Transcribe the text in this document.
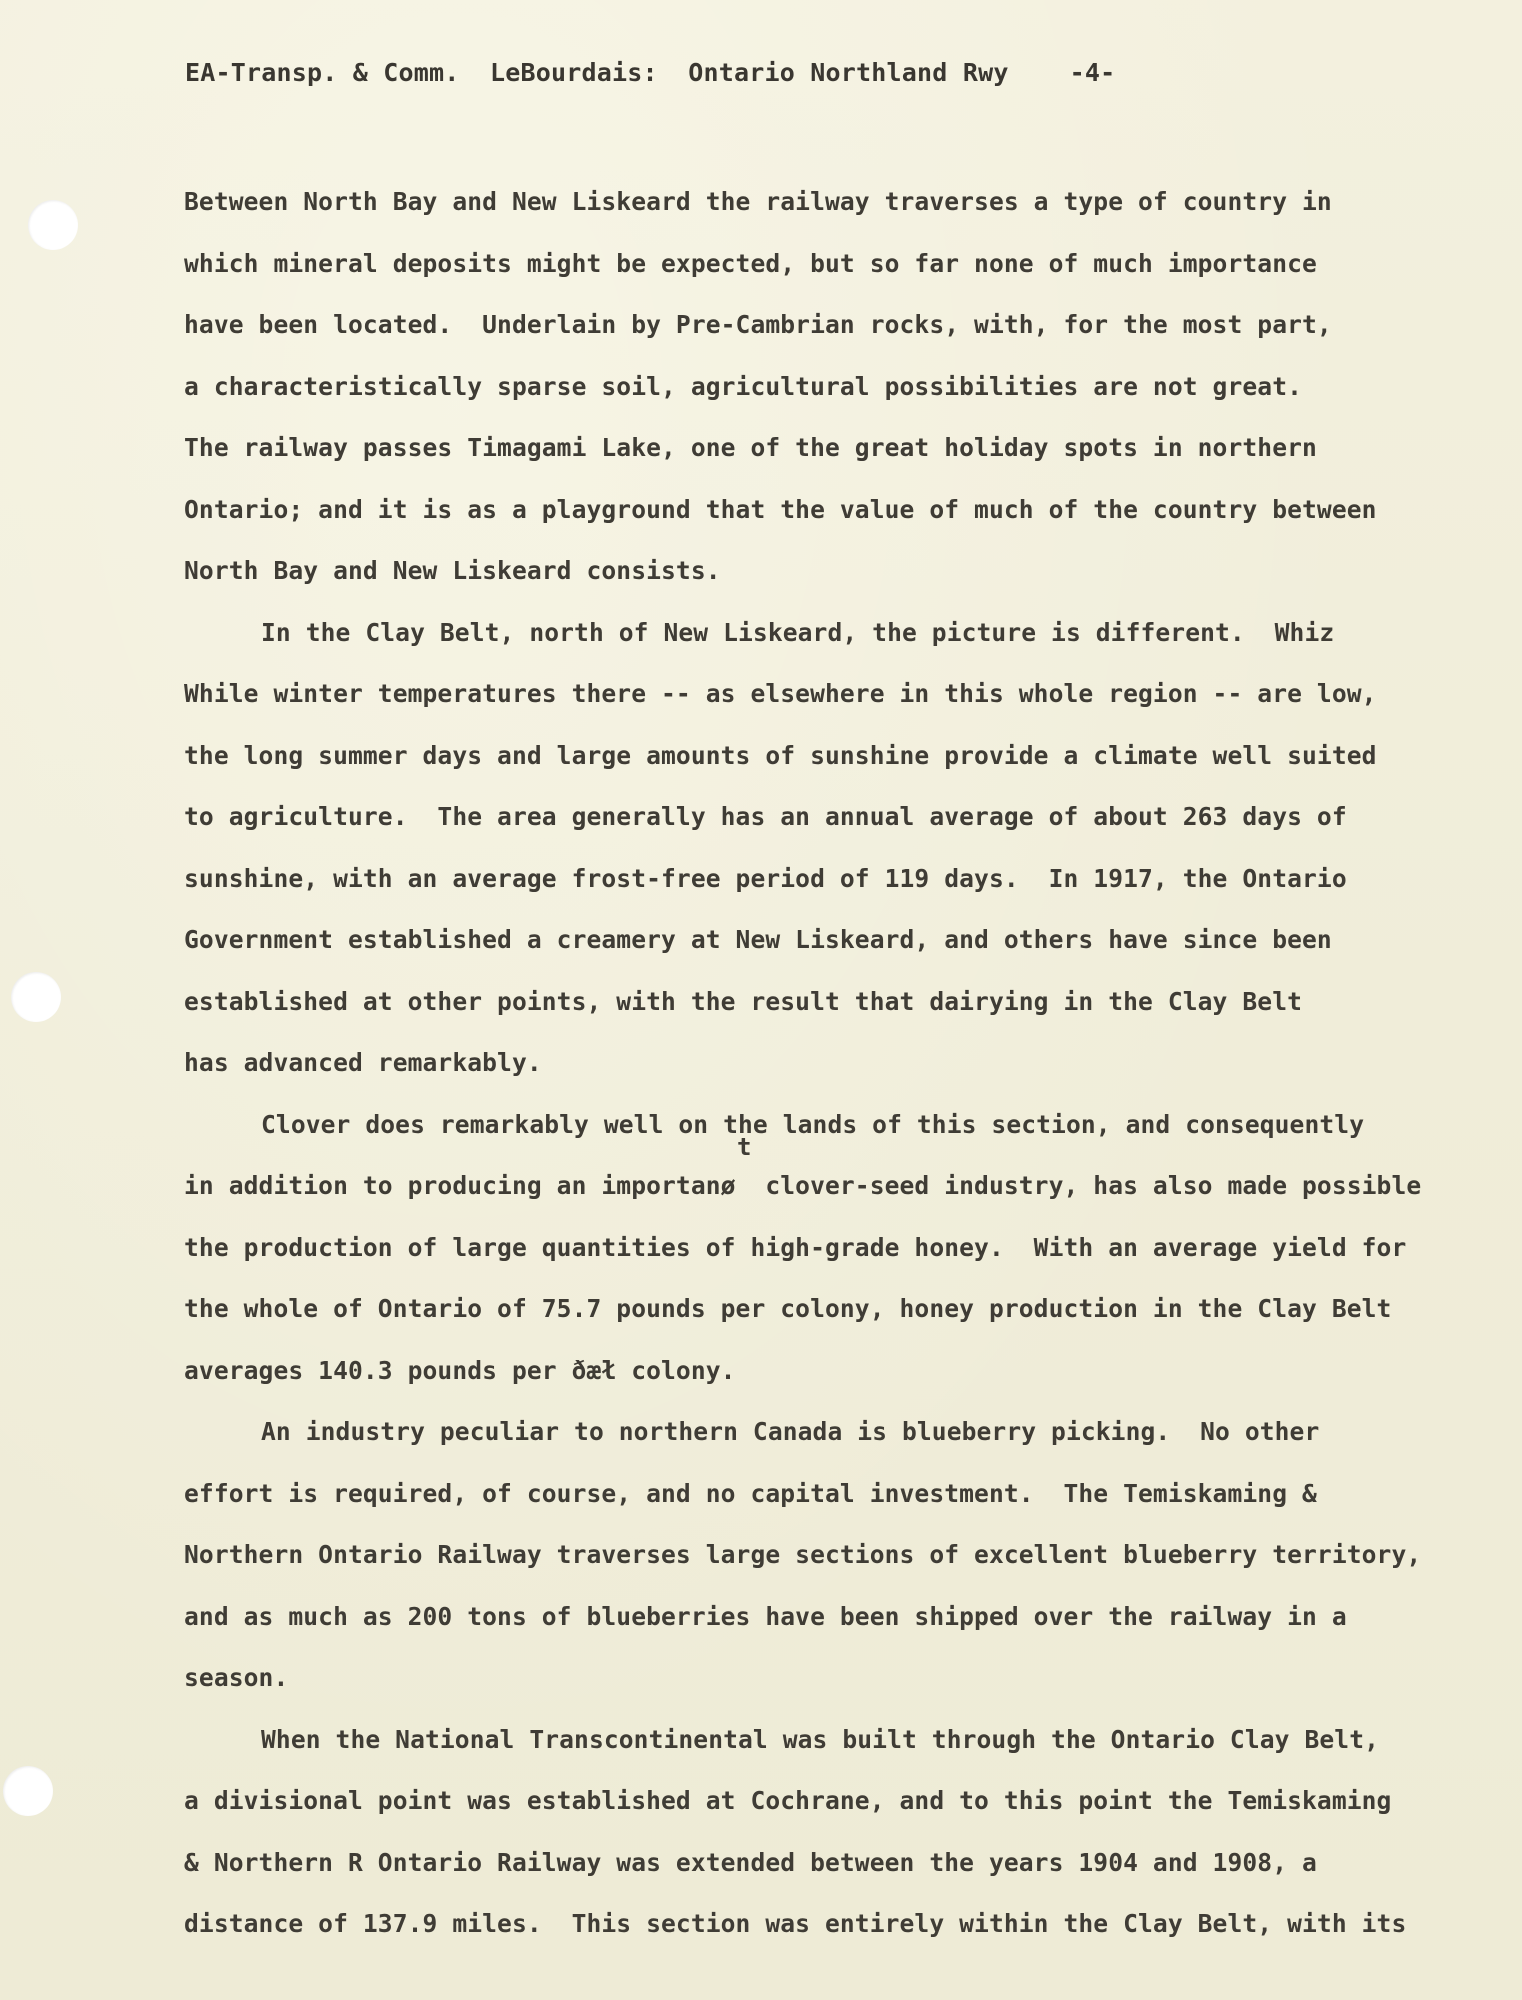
EA-Transp. & Comm.  LeBourdais:  Ontario Northland Rwy    -4-
t
Between North Bay and New Liskeard the railway traverses a type of country in
which mineral deposits might be expected, but so far none of much importance
have been located.  Underlain by Pre-Cambrian rocks, with, for the most part,
a characteristically sparse soil, agricultural possibilities are not great.
The railway passes Timagami Lake, one of the great holiday spots in northern
Ontario; and it is as a playground that the value of much of the country between
North Bay and New Liskeard consists.
In the Clay Belt, north of New Liskeard, the picture is different.  Whiz
While winter temperatures there -- as elsewhere in this whole region -- are low,
the long summer days and large amounts of sunshine provide a climate well suited
to agriculture.  The area generally has an annual average of about 263 days of
sunshine, with an average frost-free period of 119 days.  In 1917, the Ontario
Government established a creamery at New Liskeard, and others have since been
established at other points, with the result that dairying in the Clay Belt
has advanced remarkably.
Clover does remarkably well on the lands of this section, and consequently
in addition to producing an importanø  clover-seed industry, has also made possible
the production of large quantities of high-grade honey.  With an average yield for
the whole of Ontario of 75.7 pounds per colony, honey production in the Clay Belt
averages 140.3 pounds per ðæł colony.
An industry peculiar to northern Canada is blueberry picking.  No other
effort is required, of course, and no capital investment.  The Temiskaming &
Northern Ontario Railway traverses large sections of excellent blueberry territory,
and as much as 200 tons of blueberries have been shipped over the railway in a
season.
When the National Transcontinental was built through the Ontario Clay Belt,
a divisional point was established at Cochrane, and to this point the Temiskaming
& Northern R Ontario Railway was extended between the years 1904 and 1908, a
distance of 137.9 miles.  This section was entirely within the Clay Belt, with its
